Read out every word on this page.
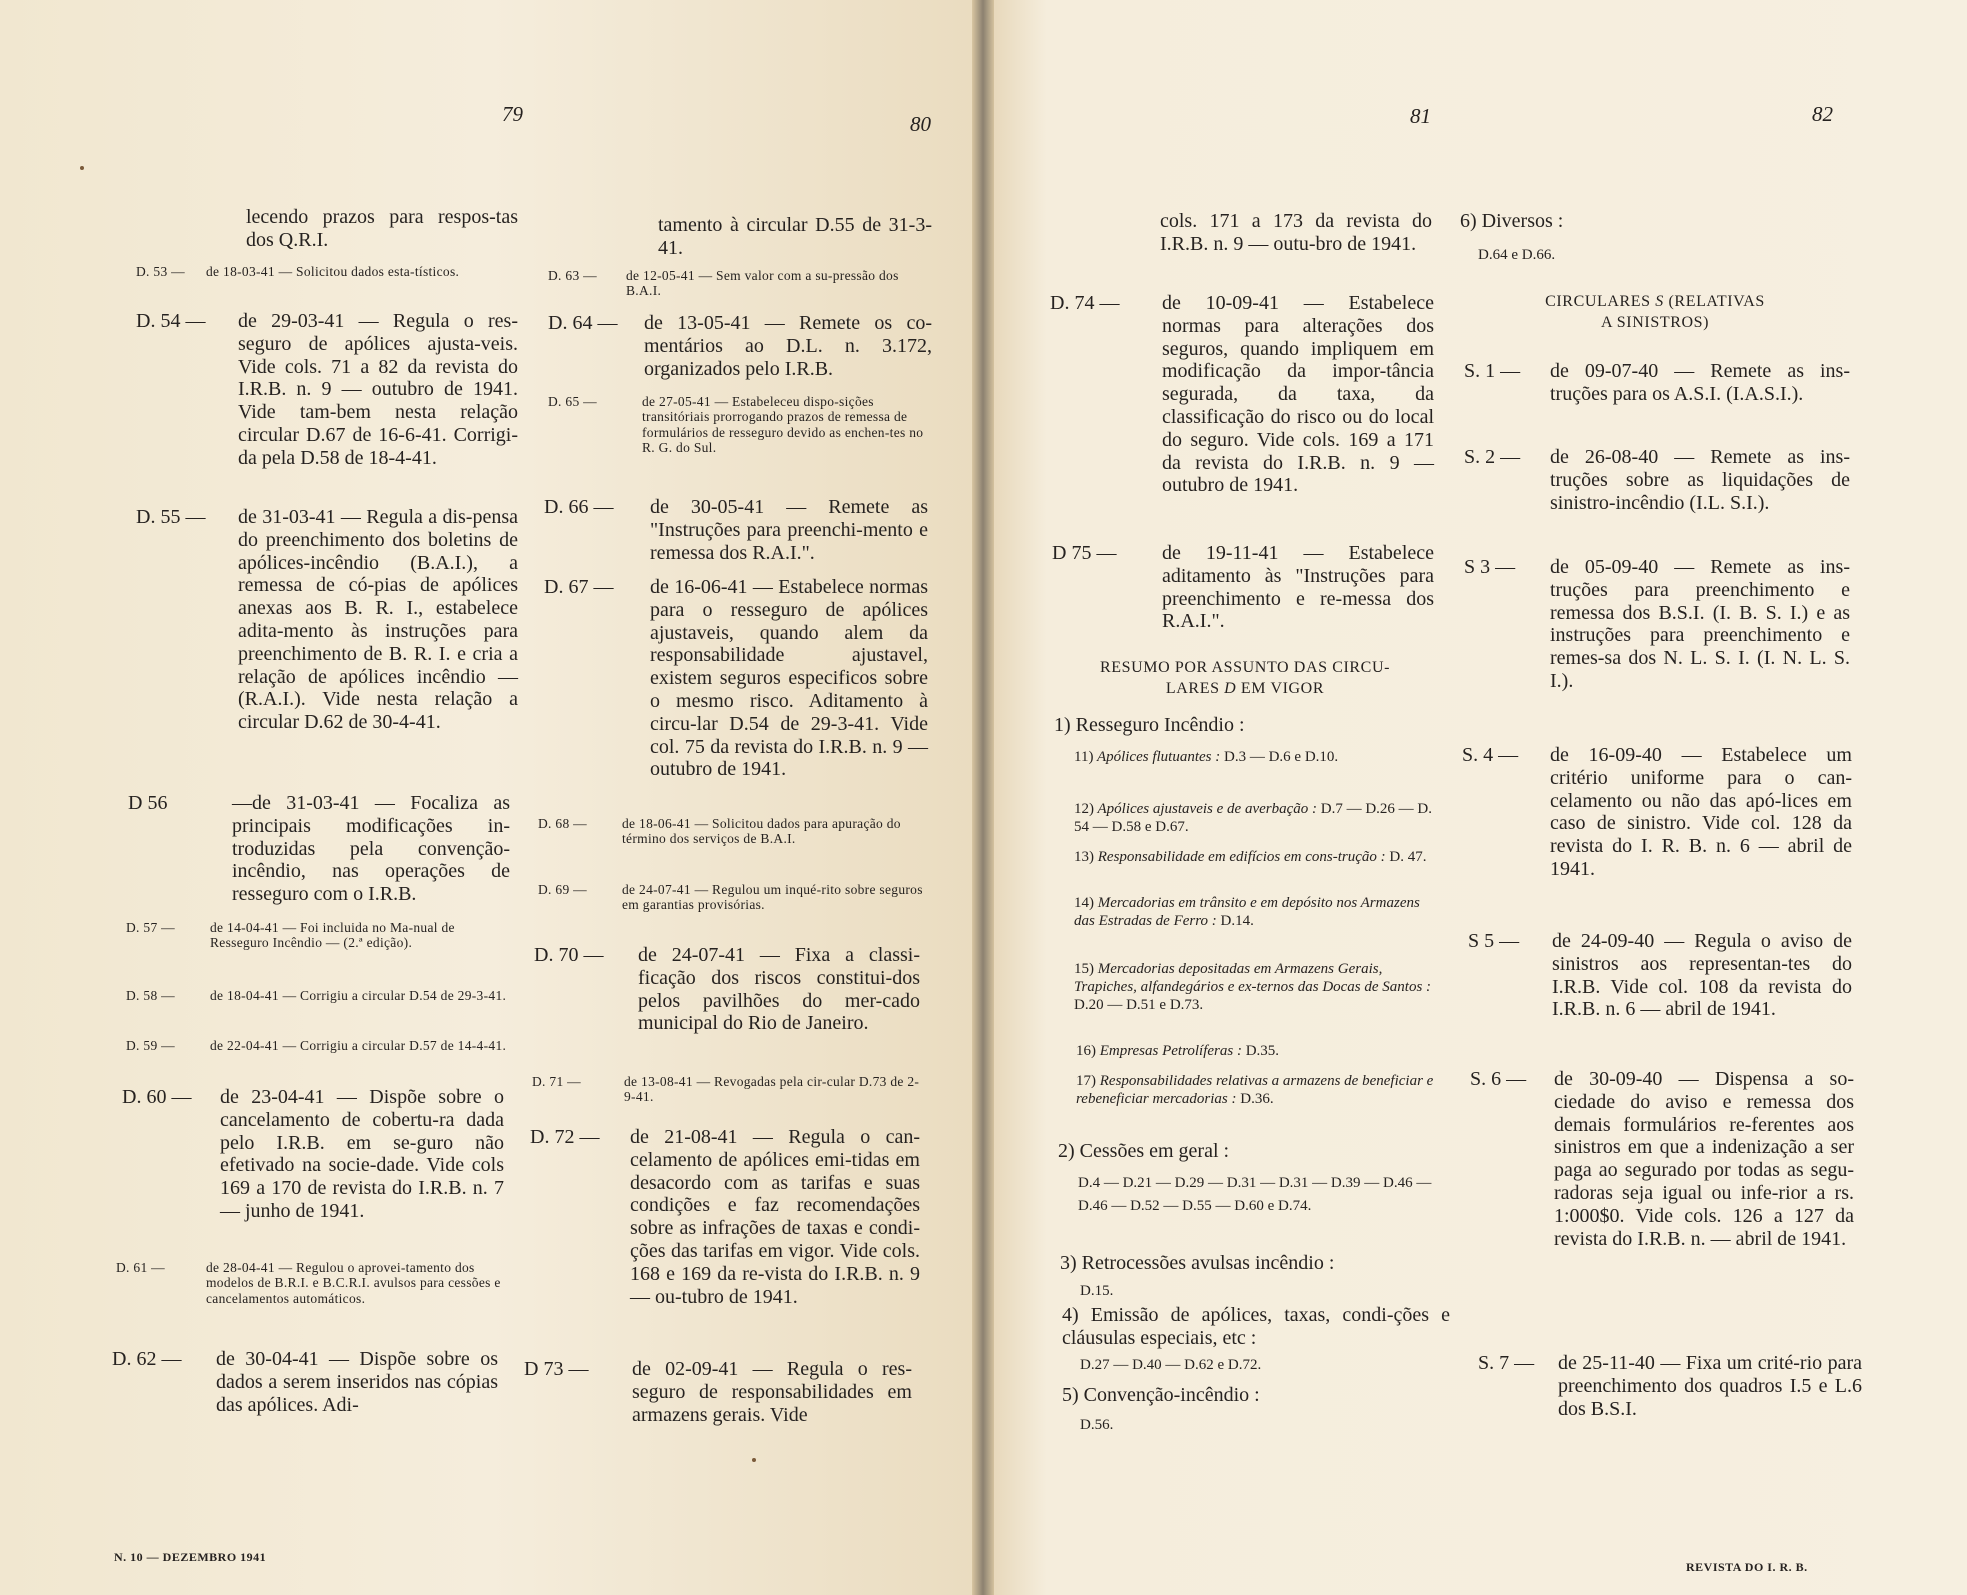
79	80	81	82
lecendo prazos para respos-tas dos Q.R.I.
D. 53 — de 18-03-41 — Solicitou dados esta-tísticos.
D. 54 — de 29-03-41 — Regula o res-seguro de apólices ajusta-veis. Vide cols. 71 a 82 da revista do I.R.B. n. 9 — outubro de 1941. Vide tam-bem nesta relação circular D.67 de 16-6-41. Corrigi-da pela D.58 de 18-4-41.
D. 55 — de 31-03-41 — Regula a dis-pensa do preenchimento dos boletins de apólices-incêndio (B.A.I.), a remessa de có-pias de apólices anexas aos B. R. I., estabelece adita-mento às instruções para preenchimento de B. R. I. e cria a relação de apólices incêndio — (R.A.I.). Vide nesta relação a circular D.62 de 30-4-41.
D 56	—de 31-03-41 — Focaliza as principais modificações in-troduzidas pela convenção-incêndio, nas operações de resseguro com o I.R.B.
D. 57 —	de 14-04-41 — Foi incluida no Ma-nual de Resseguro Incêndio — (2.ª edição).
D. 58 —	de 18-04-41 — Corrigiu a circular D.54 de 29-3-41.
D. 59 —	de 22-04-41 — Corrigiu a circular D.57 de 14-4-41.
D. 60 — de 23-04-41 — Dispõe sobre o cancelamento de cobertu-ra dada pelo I.R.B. em se-guro não efetivado na socie-dade. Vide cols 169 a 170 de revista do I.R.B. n. 7 — junho de 1941.
D. 61 —	de 28-04-41 — Regulou o aprovei-tamento dos modelos de B.R.I. e B.C.R.I. avulsos para cessões e cancelamentos automáticos.
D. 62 — de 30-04-41 — Dispõe sobre os dados a serem inseridos nas cópias das apólices. Adi-
tamento à circular D.55 de 31-3-41.
D. 63 — de 12-05-41 — Sem valor com a su-pressão dos B.A.I.
D. 64 — de 13-05-41 — Remete os co-mentários ao D.L. n. 3.172, organizados pelo I.R.B.
D. 65 —	de 27-05-41 — Estabeleceu dispo-sições transitóriais prorrogando prazos de remessa de formulários de resseguro devido as enchen-tes no R. G. do Sul.
D. 66 — de 30-05-41 — Remete as "Instruções para preenchi-mento e remessa dos R.A.I.".
D. 67 — de 16-06-41 — Estabelece normas para o resseguro de apólices ajustaveis, quando alem da responsabilidade ajustavel, existem seguros especificos sobre o mesmo risco. Aditamento à circu-lar D.54 de 29-3-41. Vide col. 75 da revista do I.R.B. n. 9 — outubro de 1941.
D. 68 —	de 18-06-41 — Solicitou dados para apuração do término dos serviços de B.A.I.
D. 69 —	de 24-07-41 — Regulou um inqué-rito sobre seguros em garantias provisórias.
D. 70 — de 24-07-41 — Fixa a classi-ficação dos riscos constitui-dos pelos pavilhões do mer-cado municipal do Rio de Janeiro.
D. 71 —	de 13-08-41 — Revogadas pela cir-cular D.73 de 2-9-41.
D. 72 — de 21-08-41 — Regula o can-celamento de apólices emi-tidas em desacordo com as tarifas e suas condições e faz recomendações sobre as infrações de taxas e condi-ções das tarifas em vigor. Vide cols. 168 e 169 da re-vista do I.R.B. n. 9 — ou-tubro de 1941.
D 73 — de 02-09-41 — Regula o res-seguro de responsabilidades em armazens gerais. Vide
cols. 171 a 173 da revista do I.R.B. n. 9 — outu-bro de 1941.
D. 74 — de 10-09-41 — Estabelece normas para alterações dos seguros, quando impliquem em modificação da impor-tância segurada, da taxa, da classificação do risco ou do local do seguro. Vide cols. 169 a 171 da revista do I.R.B. n. 9 — outubro de 1941.
D 75 — de 19-11-41 — Estabelece aditamento às "Instruções para preenchimento e re-messa dos R.A.I.".
RESUMO POR ASSUNTO DAS CIRCU-
LARES D EM VIGOR
1) Resseguro Incêndio :
11) Apólices flutuantes : D.3 — D.6 e D.10.
12) Apólices ajustaveis e de averbação : D.7 — D.26 — D. 54 — D.58 e D.67.
13) Responsabilidade em edifícios em cons-trução : D. 47.
14) Mercadorias em trânsito e em depósito nos Armazens das Estradas de Ferro : D.14.
15) Mercadorias depositadas em Armazens Gerais, Trapiches, alfandegários e ex-ternos das Docas de Santos : D.20 — D.51 e D.73.
16) Empresas Petrolíferas : D.35.
17) Responsabilidades relativas a armazens de beneficiar e rebeneficiar mercadorias : D.36.
2) Cessões em geral :
D.4 — D.21 — D.29 — D.31 — D.31 — D.39 — D.46 — D.46 — D.52 — D.55 — D.60 e D.74.
3) Retrocessões avulsas incêndio :
D.15.
4) Emissão de apólices, taxas, condi-ções e cláusulas especiais, etc :
D.27 — D.40 — D.62 e D.72.
5) Convenção-incêndio :
D.56.
6) Diversos :
D.64 e D.66.
CIRCULARES S (RELATIVAS
A SINISTROS)
S. 1 — de 09-07-40 — Remete as ins-truções para os A.S.I. (I.A.S.I.).
S. 2 — de 26-08-40 — Remete as ins-truções sobre as liquidações de sinistro-incêndio (I.L. S.I.).
S 3 — de 05-09-40 — Remete as ins-truções para preenchimento e remessa dos B.S.I. (I. B. S. I.) e as instruções para preenchimento e remes-sa dos N. L. S. I. (I. N. L. S. I.).
S. 4 — de 16-09-40 — Estabelece um critério uniforme para o can-celamento ou não das apó-lices em caso de sinistro. Vide col. 128 da revista do I. R. B. n. 6 — abril de 1941.
S 5 — de 24-09-40 — Regula o aviso de sinistros aos representan-tes do I.R.B. Vide col. 108 da revista do I.R.B. n. 6 — abril de 1941.
S. 6 — de 30-09-40 — Dispensa a so-ciedade do aviso e remessa dos demais formulários re-ferentes aos sinistros em que a indenização a ser paga ao segurado por todas as segu-radoras seja igual ou infe-rior a rs. 1:000$0. Vide cols. 126 a 127 da revista do I.R.B. n. — abril de 1941.
S. 7 — de 25-11-40 — Fixa um crité-rio para preenchimento dos quadros I.5 e L.6 dos B.S.I.
N. 10 — DEZEMBRO 1941
REVISTA DO I. R. B.
